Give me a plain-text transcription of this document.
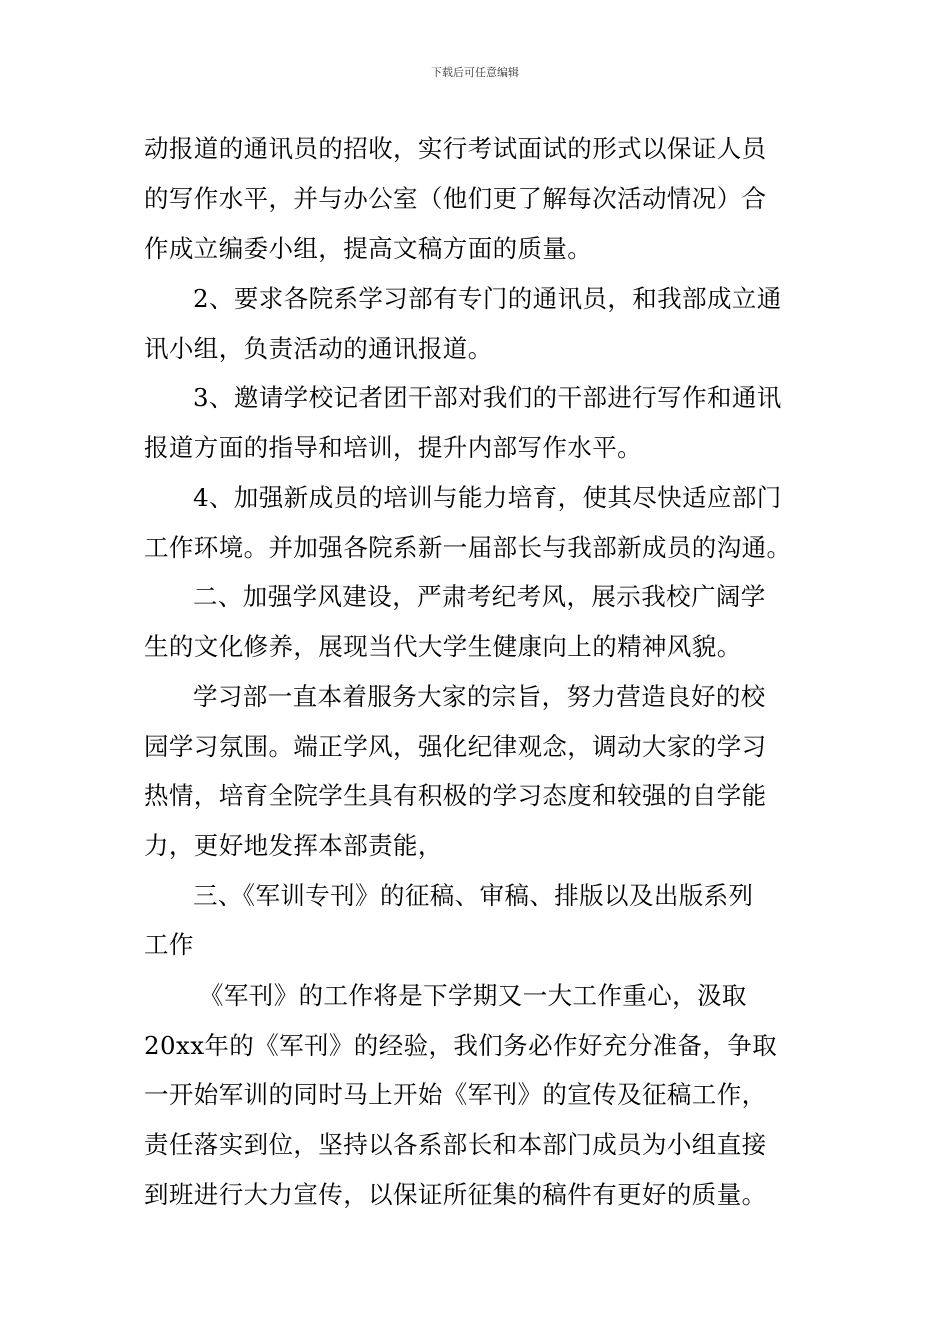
下载后可任意编辑
动报道的通讯员的招收，实行考试面试的形式以保证人员
的写作水平，并与办公室（他们更了解每次活动情况）合
作成立编委小组，提高文稿方面的质量。
2、要求各院系学习部有专门的通讯员，和我部成立通
讯小组，负责活动的通讯报道。
3、邀请学校记者团干部对我们的干部进行写作和通讯
报道方面的指导和培训，提升内部写作水平。
4、加强新成员的培训与能力培育，使其尽快适应部门
工作环境。并加强各院系新一届部长与我部新成员的沟通。
二、加强学风建设，严肃考纪考风，展示我校广阔学
生的文化修养，展现当代大学生健康向上的精神风貌。
学习部一直本着服务大家的宗旨，努力营造良好的校
园学习氛围。端正学风，强化纪律观念，调动大家的学习
热情，培育全院学生具有积极的学习态度和较强的自学能
力，更好地发挥本部责能，
三、《军训专刊》的征稿、审稿、排版以及出版系列
工作
《军刊》的工作将是下学期又一大工作重心，汲取
20xx年的《军刊》的经验，我们务必作好充分准备，争取
一开始军训的同时马上开始《军刊》的宣传及征稿工作，
责任落实到位，坚持以各系部长和本部门成员为小组直接
到班进行大力宣传，以保证所征集的稿件有更好的质量。
